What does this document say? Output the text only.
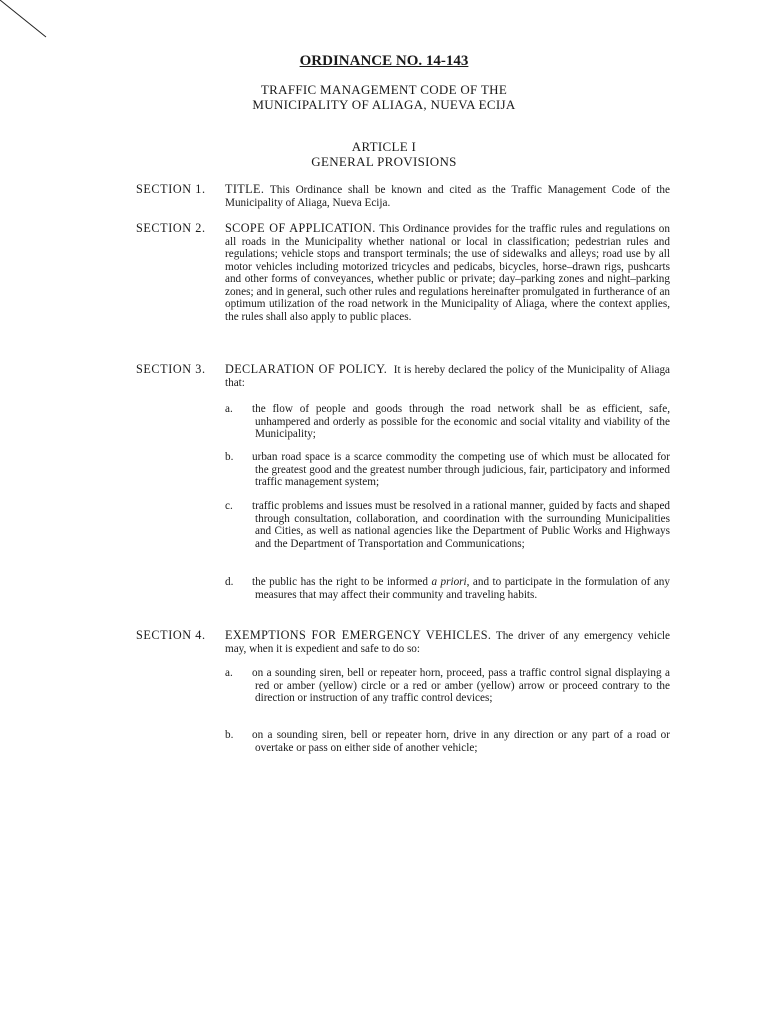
ORDINANCE NO. 14-143
TRAFFIC MANAGEMENT CODE OF THE
MUNICIPALITY OF ALIAGA, NUEVA ECIJA
ARTICLE I
GENERAL PROVISIONS
SECTION 1. TITLE. This Ordinance shall be known and cited as the Traffic Management Code of the Municipality of Aliaga, Nueva Ecija.
SECTION 2. SCOPE OF APPLICATION. This Ordinance provides for the traffic rules and regulations on all roads in the Municipality whether national or local in classification; pedestrian rules and regulations; vehicle stops and transport terminals; the use of sidewalks and alleys; road use by all motor vehicles including motorized tricycles and pedicabs, bicycles, horse–drawn rigs, pushcarts and other forms of conveyances, whether public or private; day–parking zones and night–parking zones; and in general, such other rules and regulations hereinafter promulgated in furtherance of an optimum utilization of the road network in the Municipality of Aliaga, where the context applies, the rules shall also apply to public places.
SECTION 3. DECLARATION OF POLICY. It is hereby declared the policy of the Municipality of Aliaga that:
a. the flow of people and goods through the road network shall be as efficient, safe, unhampered and orderly as possible for the economic and social vitality and viability of the Municipality;
b. urban road space is a scarce commodity the competing use of which must be allocated for the greatest good and the greatest number through judicious, fair, participatory and informed traffic management system;
c. traffic problems and issues must be resolved in a rational manner, guided by facts and shaped through consultation, collaboration, and coordination with the surrounding Municipalities and Cities, as well as national agencies like the Department of Public Works and Highways and the Department of Transportation and Communications;
d. the public has the right to be informed a priori, and to participate in the formulation of any measures that may affect their community and traveling habits.
SECTION 4. EXEMPTIONS FOR EMERGENCY VEHICLES. The driver of any emergency vehicle may, when it is expedient and safe to do so:
a. on a sounding siren, bell or repeater horn, proceed, pass a traffic control signal displaying a red or amber (yellow) circle or a red or amber (yellow) arrow or proceed contrary to the direction or instruction of any traffic control devices;
b. on a sounding siren, bell or repeater horn, drive in any direction or any part of a road or overtake or pass on either side of another vehicle;
